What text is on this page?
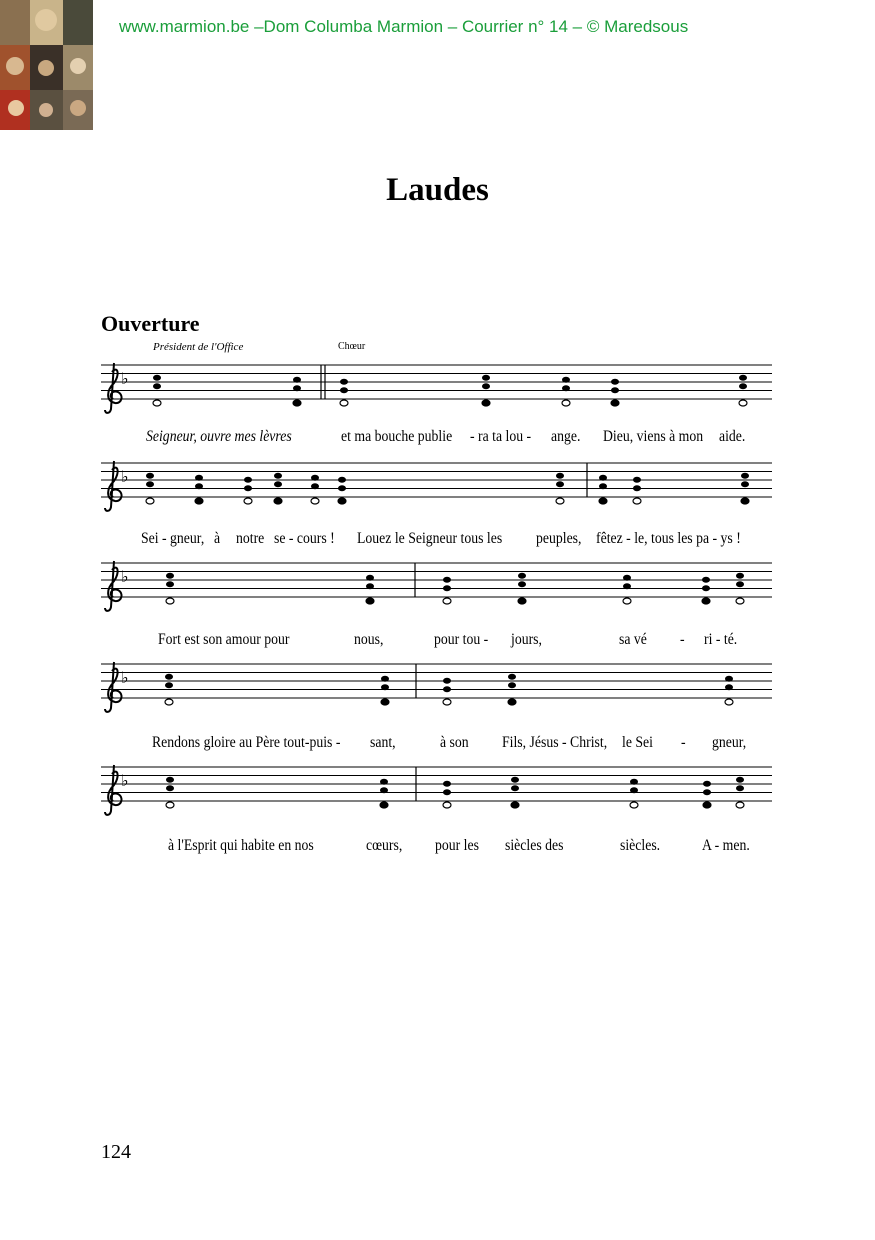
www.marmion.be –Dom Columba Marmion – Courrier n° 14 – © Maredsous
Laudes
Ouverture
Président de l'Office	Chœur
♭
♭
♭
♭
♭
Seigneur, ouvre mes lèvres	et ma bouche publie - ra ta lou - ange. Dieu, viens à mon aide.
Sei - gneur, à notre se - cours ! Louez le Seigneur tous les peuples, fêtez - le, tous les pa - ys !
Fort est son amour pour	nous,	pour tou - jours,	sa vé - ri - té.
Rendons gloire au Père tout-puis - sant,	à son Fils, Jésus - Christ, le Sei - gneur,
à l'Esprit qui habite en nos	cœurs, pour les siècles des	siècles.	A - men.
124
